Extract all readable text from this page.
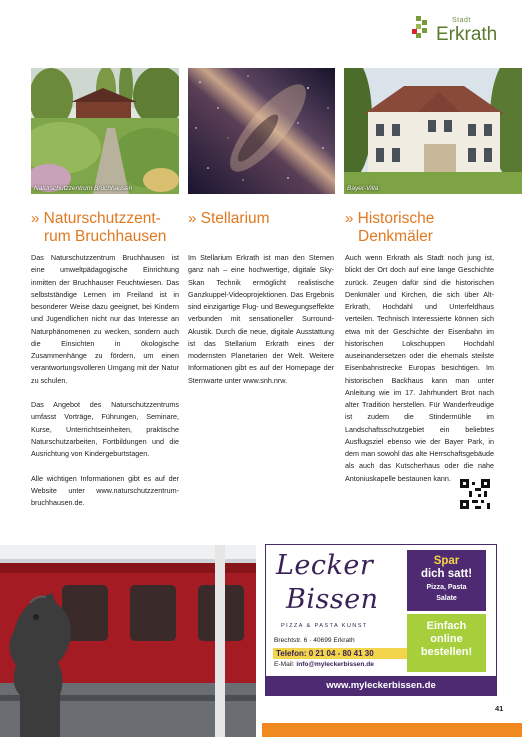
Stadt
Erkrath
Naturschutzzentrum Bruchhausen	Bayer-Villa
» Naturschutzzent-
rum Bruchhausen
» Stellarium	» Historische
Denkmäler

Das Naturschutzzentrum Bruchhausen ist eine umweltpädagogische Einrichtung inmitten der Bruchhauser Feuchtwiesen. Das selbstständige Lernen im Freiland ist in besonderer Weise dazu geeignet, bei Kindern und Jugendlichen nicht nur das Interesse an Naturphänomenen zu wecken, sondern auch die Einsichten in ökologische Zusammenhänge zu fördern, um einen verantwortungsvolleren Umgang mit der Natur zu schulen.

Das Angebot des Naturschutzzentrums umfasst Vorträge, Führungen, Seminare, Kurse, Unterrichtseinheiten, praktische Naturschutzarbeiten, Fortbildungen und die Ausrichtung von Kindergeburtstagen.

Alle wichtigen Informationen gibt es auf der Website unter www.naturschutzzentrum-bruchhausen.de.

Im Stellarium Erkrath ist man den Sternen ganz nah – eine hochwertige, digitale Sky-Skan Technik ermöglicht realistische Ganzkuppel-Videoprojektionen. Das Ergebnis sind einzigartige Flug- und Bewegungseffekte verbunden mit sensationeller Surround-Akustik. Durch die neue, digitale Ausstattung ist das Stellarium Erkrath eines der modernsten Planetarien der Welt. Weitere Informationen gibt es auf der Homepage der Sternwarte unter www.snh.nrw.

Auch wenn Erkrath als Stadt noch jung ist, blickt der Ort doch auf eine lange Geschichte zurück. Zeugen dafür sind die historischen Denkmäler und Kirchen, die sich über Alt-Erkrath, Hochdahl und Unterfeldhaus verteilen. Technisch Interessierte können sich etwa mit der Geschichte der Eisenbahn im historischen Lokschuppen Hochdahl auseinandersetzen oder die ehemals steilste Eisenbahnstrecke Europas besichtigen. Im historischen Backhaus kann man unter Anleitung wie im 17. Jahrhundert Brot nach alter Tradition herstellen. Für Wanderfreudige ist zudem die Stindermühle im Landschaftsschutzgebiet ein beliebtes Ausflugsziel ebenso wie der Bayer Park, in dem man sowohl das alte Herrschaftsgebäude als auch das Kutscherhaus oder die nahe Antoniuskapelle bestaunen kann.

Lecker
Bissen
PIZZA & PASTA KUNST
Brechtstr. 6 · 40699 Erkrath
Telefon: 0 21 04 - 80 41 30
E-Mail: info@myleckerbissen.de
Spar
dich satt!
Pizza, Pasta
Salate
Einfach
online
bestellen!
www.myleckerbissen.de
41
